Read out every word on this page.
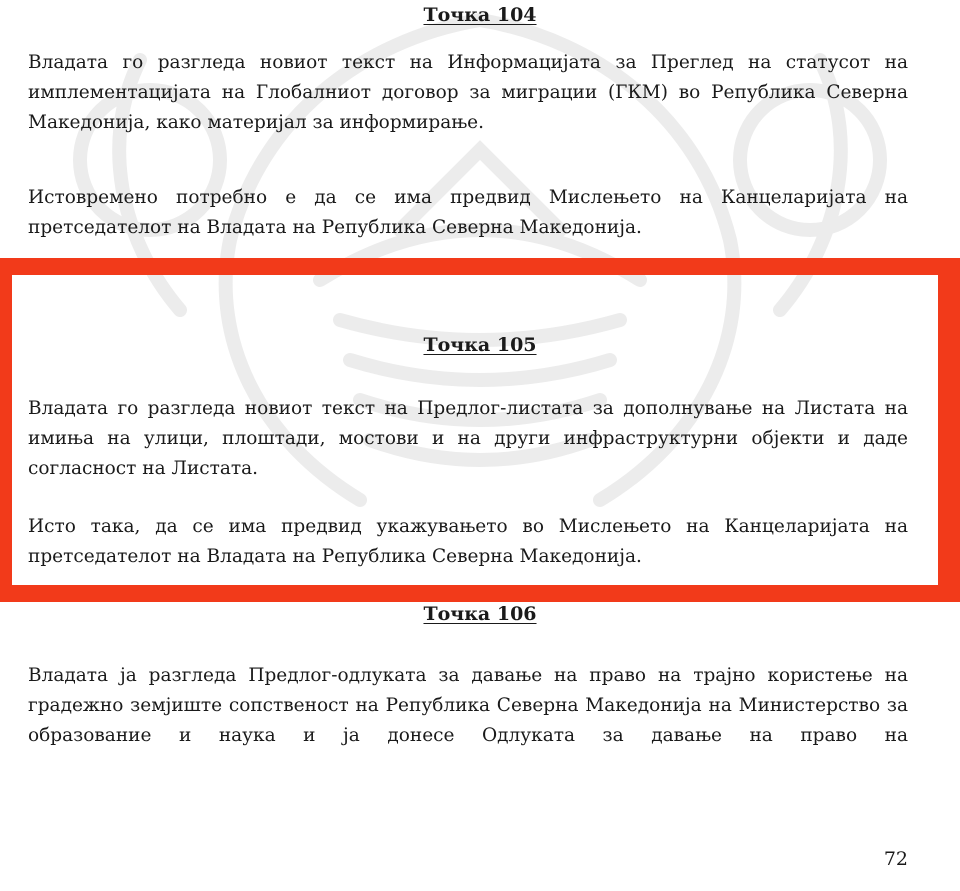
Точка 104

Владата го разгледа новиот текст на Информацијата за Преглед на статусот на имплементацијата на Глобалниот договор за миграции (ГКМ) во Република Северна Македонија, како материјал за информирање.

Истовремено потребно е да се има предвид Мислењето на Канцеларијата на претседателот на Владата на Република Северна Македонија.

Точка 105

Владата го разгледа новиот текст на Предлог-листата за дополнување на Листата на имиња на улици, плоштади, мостови и на други инфраструктурни објекти и даде согласност на Листата.

Исто така, да се има предвид укажувањето во Мислењето на Канцеларијата на претседателот на Владата на Република Северна Македонија.

Точка 106

Владата ја разгледа Предлог-одлуката за давање на право на трајно користење на градежно земјиште сопственост на Република Северна Македонија на Министерство за образование и наука и ја донесе Одлуката за давање на право на

72
